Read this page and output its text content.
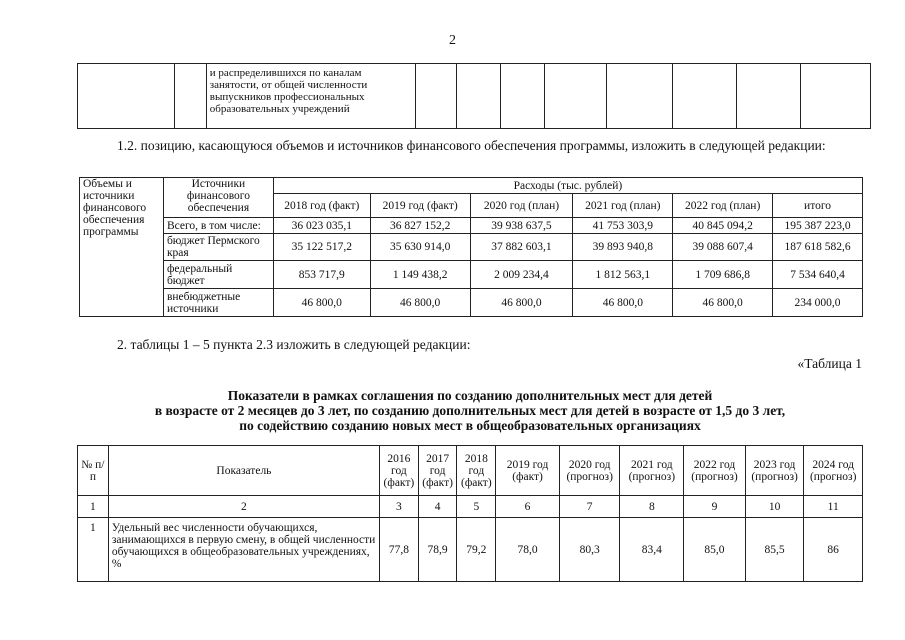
2
		и распределившихся по каналам занятости, от общей численности выпускников профессиональных образовательных учреждений								
1.2. позицию, касающуюся объемов и источников финансового обеспечения программы, изложить в следующей редакции:
Объемы и источники финансового обеспечения программы	Источники финансового обеспечения	Расходы (тыс. рублей)					
		2018 год (факт)	2019 год (факт)	2020 год (план)	2021 год (план)	2022 год (план)	итого
	Всего, в том числе:	36 023 035,1	36 827 152,2	39 938 637,5	41 753 303,9	40 845 094,2	195 387 223,0
	бюджет Пермского края	35 122 517,2	35 630 914,0	37 882 603,1	39 893 940,8	39 088 607,4	187 618 582,6
	федеральный бюджет	853 717,9	1 149 438,2	2 009 234,4	1 812 563,1	1 709 686,8	7 534 640,4
	внебюджетные источники	46 800,0	46 800,0	46 800,0	46 800,0	46 800,0	234 000,0
2. таблицы 1 – 5 пункта 2.3 изложить в следующей редакции:
«Таблица 1
Показатели в рамках соглашения по созданию дополнительных мест для детей
в возрасте от 2 месяцев до 3 лет, по созданию дополнительных мест для детей в возрасте от 1,5 до 3 лет,
по содействию созданию новых мест в общеобразовательных организациях
№ п/п	Показатель	2016 год (факт)	2017 год (факт)	2018 год (факт)	2019 год (факт)	2020 год (прогноз)	2021 год (прогноз)	2022 год (прогноз)	2023 год (прогноз)	2024 год (прогноз)
1	2	3	4	5	6	7	8	9	10	11
1	Удельный вес численности обучающихся, занимающихся в первую смену, в общей численности обучающихся в общеобразовательных учреждениях, %	77,8	78,9	79,2	78,0	80,3	83,4	85,0	85,5	86
